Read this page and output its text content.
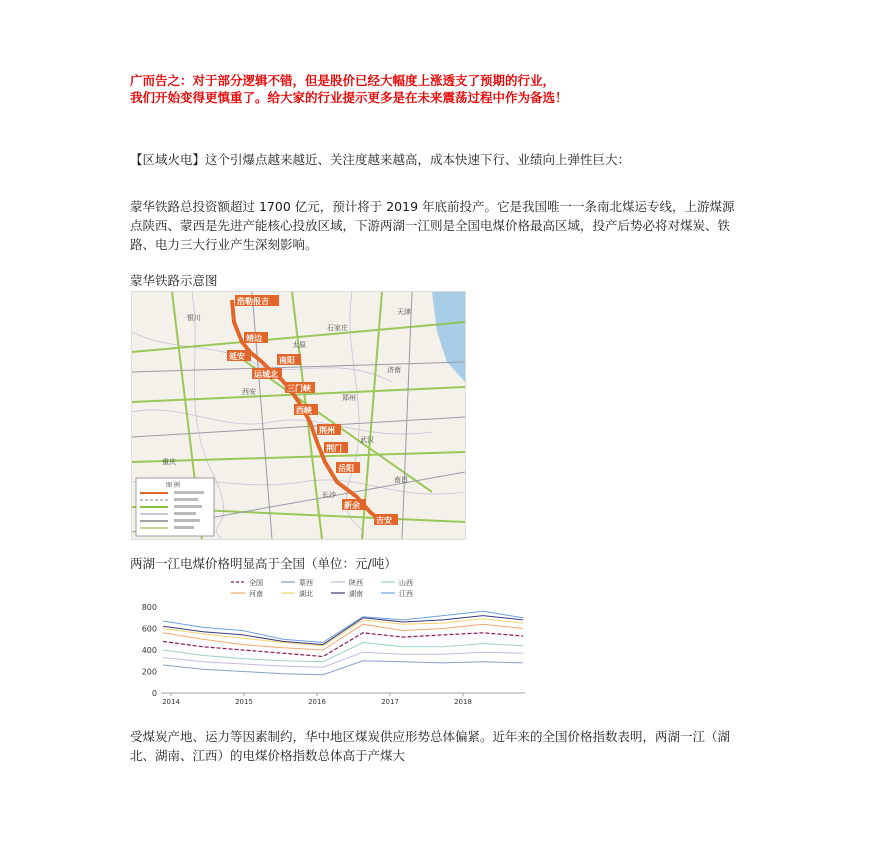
广而告之：对于部分逻辑不错，但是股价已经大幅度上涨透支了预期的行业，
我们开始变得更慎重了。给大家的行业提示更多是在未来震荡过程中作为备选！
【区域火电】这个引爆点越来越近、关注度越来越高，成本快速下行、业绩向上弹性巨大：
蒙华铁路总投资额超过 1700 亿元，预计将于 2019 年底前投产。它是我国唯一一条南北煤运专线，上游煤源点陕西、蒙西是先进产能核心投放区域，下游两湖一江则是全国电煤价格最高区域，投产后势必将对煤炭、铁路、电力三大行业产生深刻影响。
蒙华铁路示意图
浩勒报吉
靖边
延安
运城北
三门峡
西峡
荆州
荆门
岳阳
新余
吉安
南阳
银川
石家庄
天津
太原
济南
郑州
西安
武汉
长沙
南昌
重庆
图 例
两湖一江电煤价格明显高于全国（单位：元/吨）
0
200
400
600
800
2014	2015	2016	2017	2018
全国	蒙西	陕西	山西
河南	湖北	湖南	江西
受煤炭产地、运力等因素制约，华中地区煤炭供应形势总体偏紧。近年来的全国价格指数表明，两湖一江（湖北、湖南、江西）的电煤价格指数总体高于产煤大
